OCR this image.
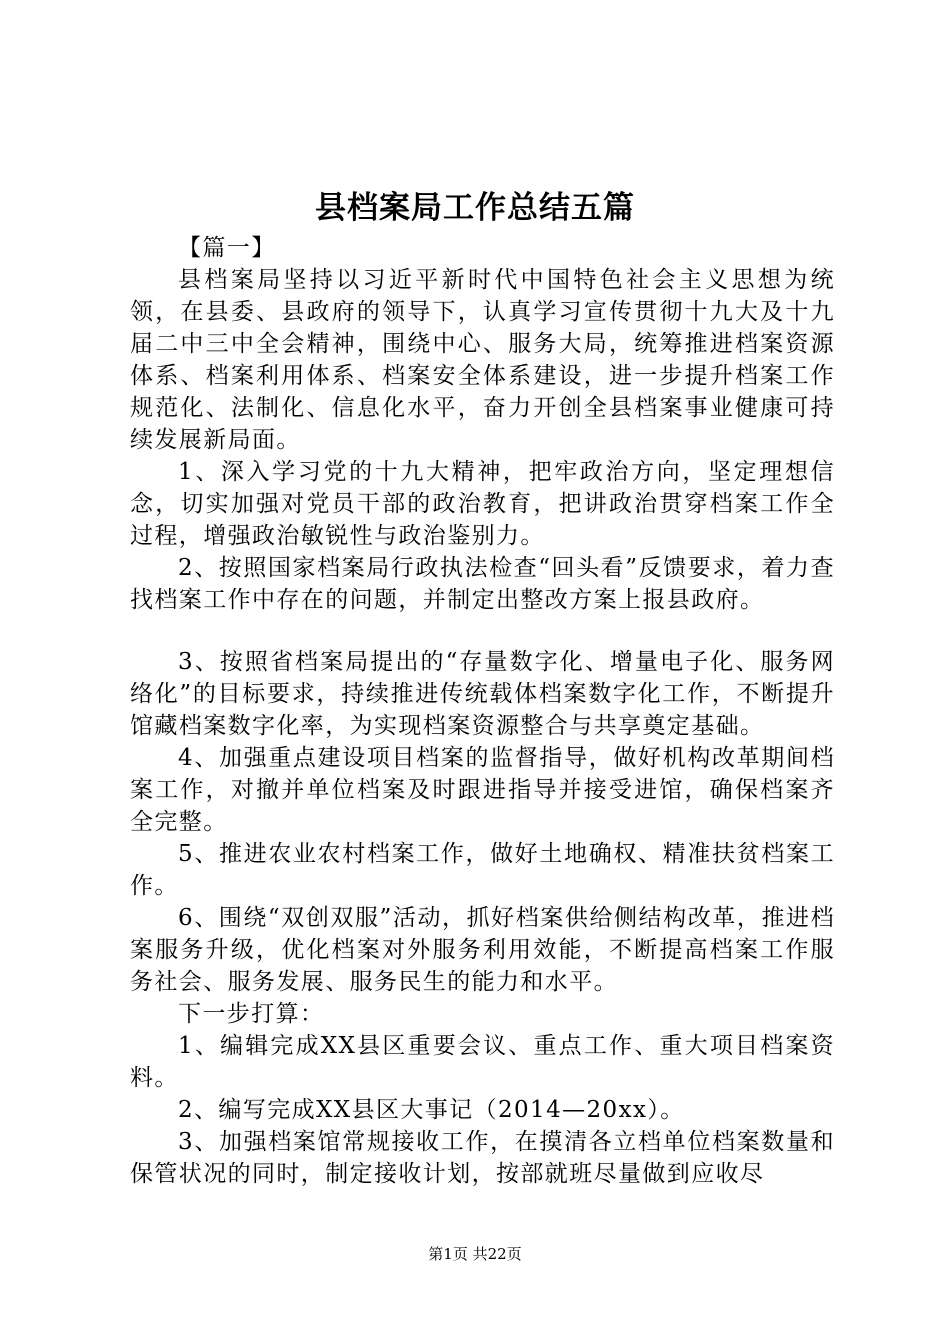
县档案局工作总结五篇

【篇一】

县档案局坚持以习近平新时代中国特色社会主义思想为统领，在县委、县政府的领导下，认真学习宣传贯彻十九大及十九届二中三中全会精神，围绕中心、服务大局，统筹推进档案资源体系、档案利用体系、档案安全体系建设，进一步提升档案工作规范化、法制化、信息化水平，奋力开创全县档案事业健康可持续发展新局面。

1、深入学习党的十九大精神，把牢政治方向，坚定理想信念，切实加强对党员干部的政治教育，把讲政治贯穿档案工作全过程，增强政治敏锐性与政治鉴别力。

2、按照国家档案局行政执法检查“回头看”反馈要求，着力查找档案工作中存在的问题，并制定出整改方案上报县政府。

3、按照省档案局提出的“存量数字化、增量电子化、服务网络化”的目标要求，持续推进传统载体档案数字化工作，不断提升馆藏档案数字化率，为实现档案资源整合与共享奠定基础。

4、加强重点建设项目档案的监督指导，做好机构改革期间档案工作，对撤并单位档案及时跟进指导并接受进馆，确保档案齐全完整。

5、推进农业农村档案工作，做好土地确权、精准扶贫档案工作。

6、围绕“双创双服”活动，抓好档案供给侧结构改革，推进档案服务升级，优化档案对外服务利用效能，不断提高档案工作服务社会、服务发展、服务民生的能力和水平。

下一步打算：

1、编辑完成XX县区重要会议、重点工作、重大项目档案资料。

2、编写完成XX县区大事记（2014—20xx）。

3、加强档案馆常规接收工作，在摸清各立档单位档案数量和保管状况的同时，制定接收计划，按部就班尽量做到应收尽

第1页 共22页
